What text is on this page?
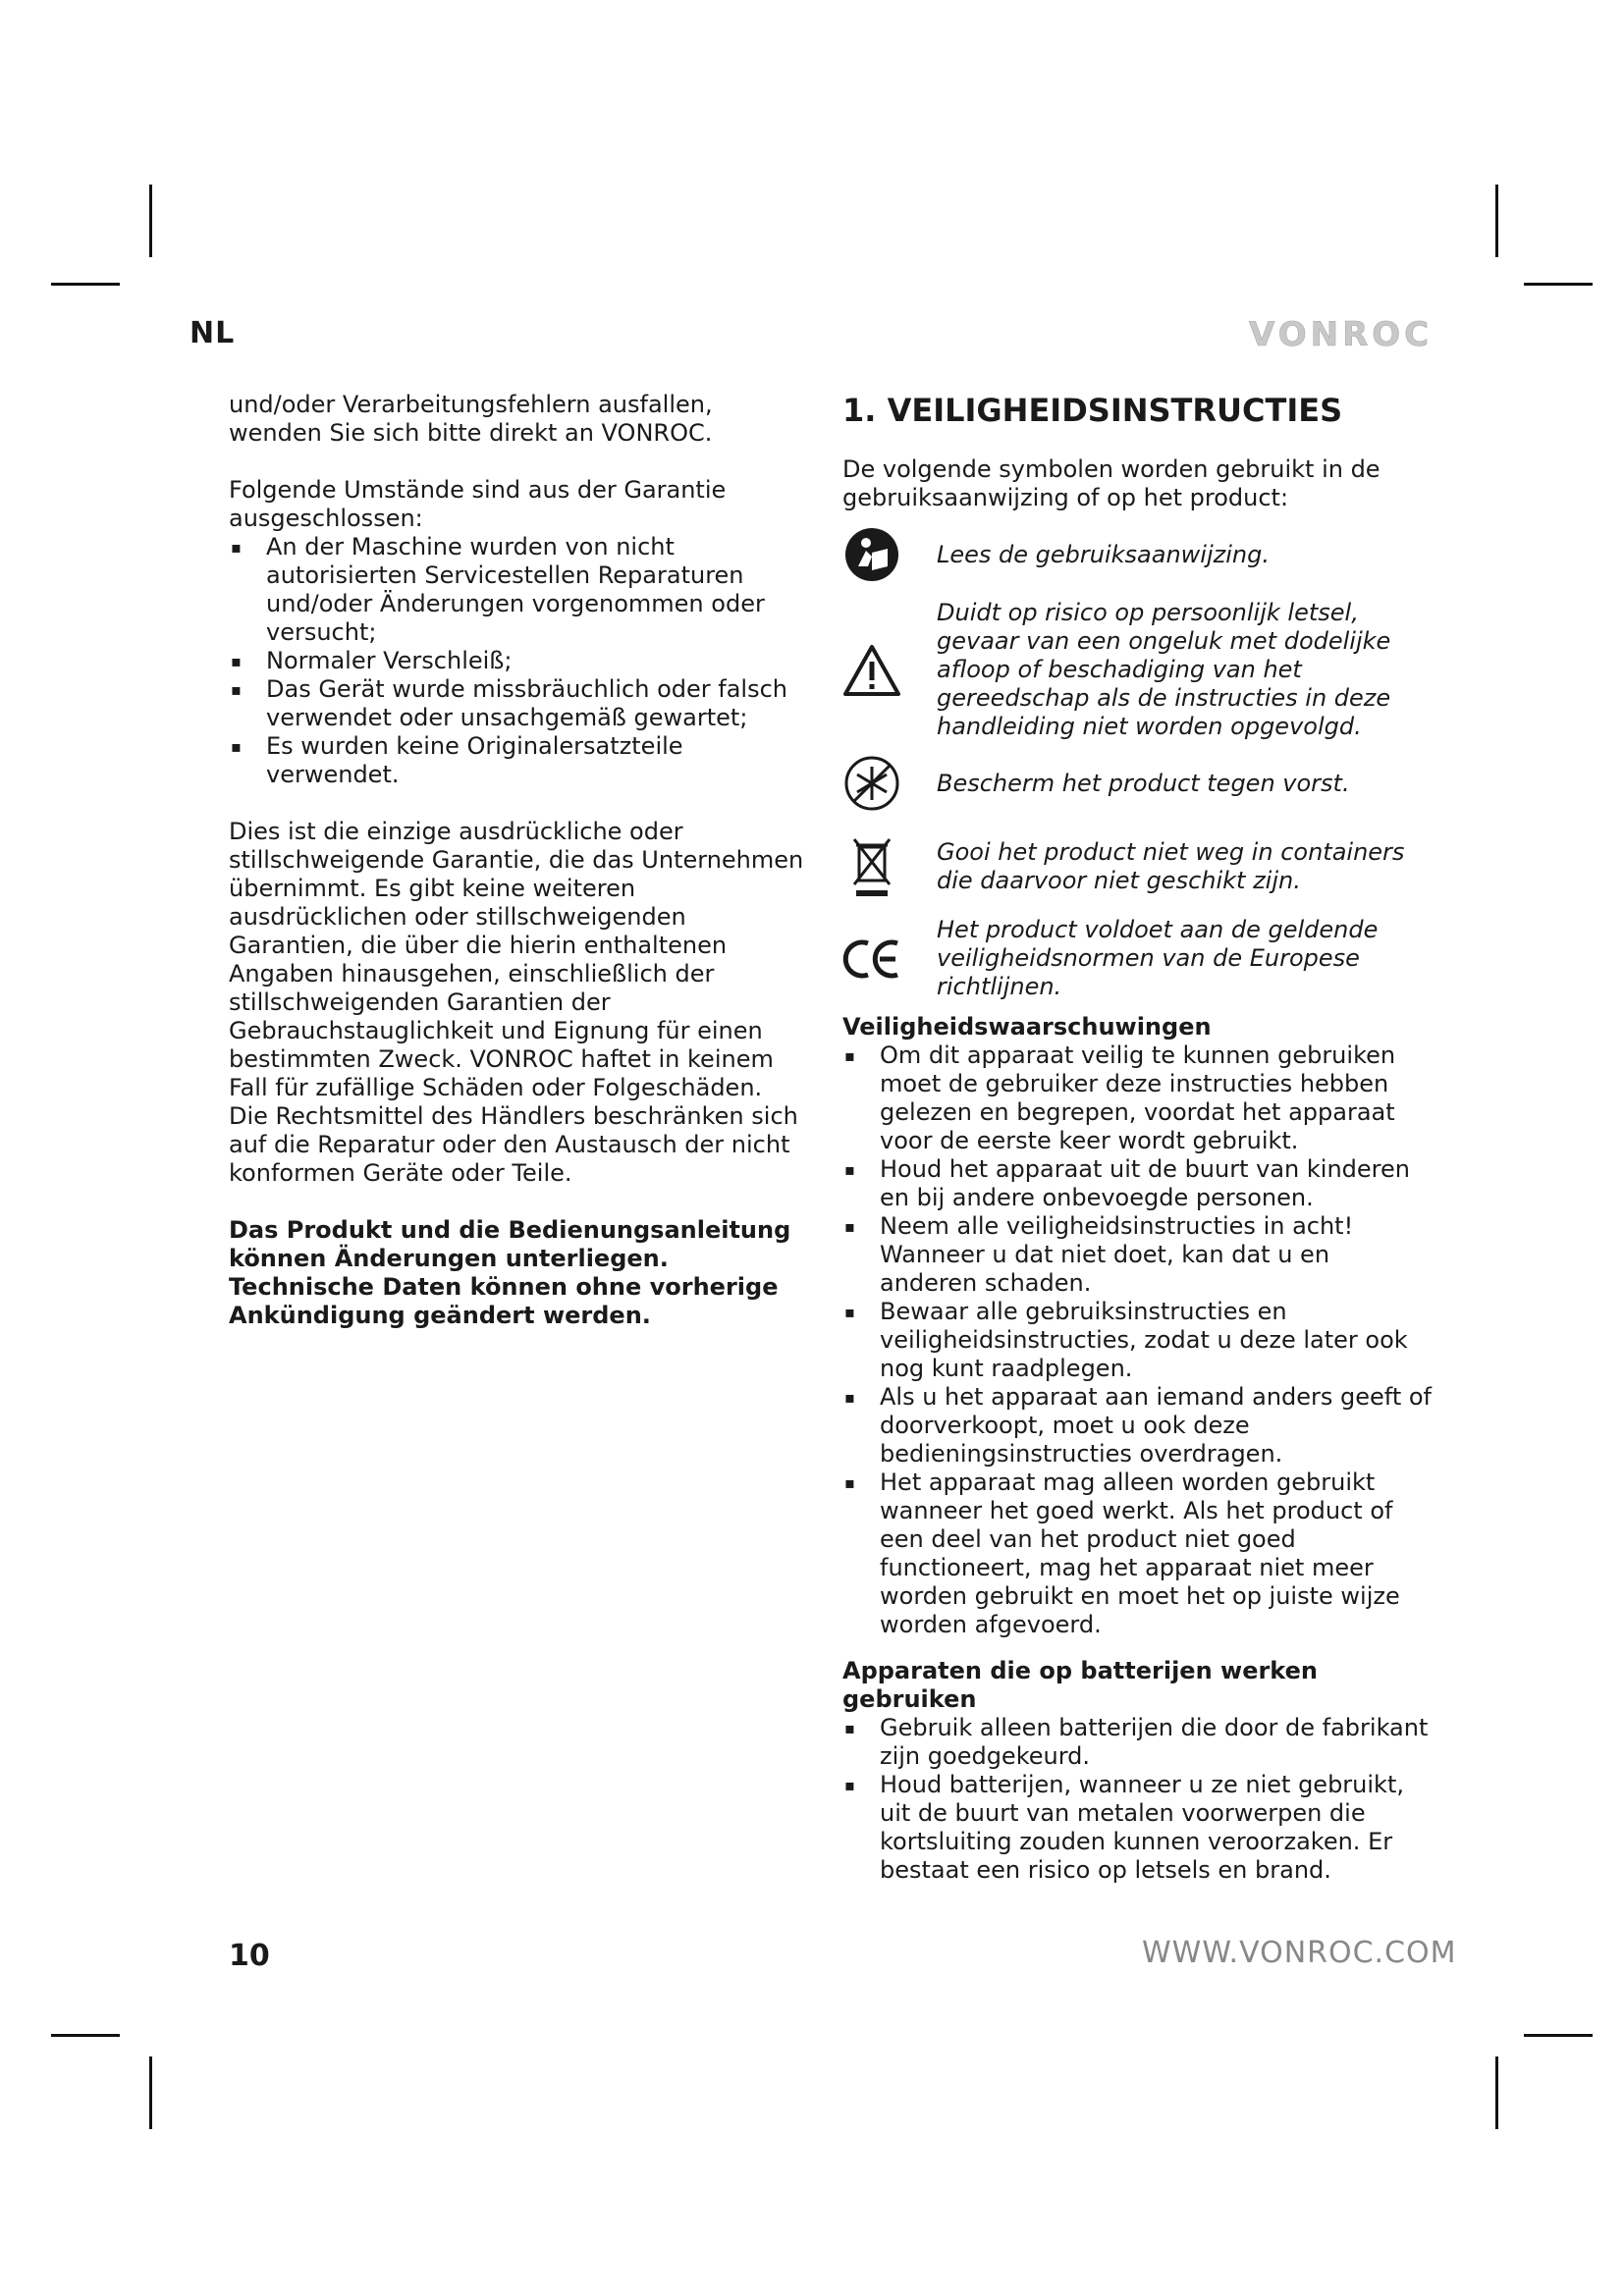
NL	VONROC

und/oder Verarbeitungsfehlern ausfallen, wenden Sie sich bitte direkt an VONROC.

Folgende Umstände sind aus der Garantie ausgeschlossen:

▪ An der Maschine wurden von nicht autorisierten Servicestellen Reparaturen und/oder Änderungen vorgenommen oder versucht;

▪ Normaler Verschleiß;

▪ Das Gerät wurde missbräuchlich oder falsch verwendet oder unsachgemäß gewartet;

▪ Es wurden keine Originalersatzteile verwendet.

Dies ist die einzige ausdrückliche oder stillschweigende Garantie, die das Unternehmen übernimmt. Es gibt keine weiteren ausdrücklichen oder stillschweigenden Garantien, die über die hierin enthaltenen Angaben hinausgehen, einschließlich der stillschweigenden Garantien der Gebrauchstauglichkeit und Eignung für einen bestimmten Zweck. VONROC haftet in keinem Fall für zufällige Schäden oder Folgeschäden. Die Rechtsmittel des Händlers beschränken sich auf die Reparatur oder den Austausch der nicht konformen Geräte oder Teile.

Das Produkt und die Bedienungsanleitung können Änderungen unterliegen. Technische Daten können ohne vorherige Ankündigung geändert werden.

1. VEILIGHEIDSINSTRUCTIES

De volgende symbolen worden gebruikt in de gebruiksaanwijzing of op het product:

Lees de gebruiksaanwijzing.

Duidt op risico op persoonlijk letsel, gevaar van een ongeluk met dodelijke afloop of beschadiging van het gereedschap als de instructies in deze handleiding niet worden opgevolgd.

Bescherm het product tegen vorst.

Gooi het product niet weg in containers die daarvoor niet geschikt zijn.

Het product voldoet aan de geldende veiligheidsnormen van de Europese richtlijnen.

Veiligheidswaarschuwingen

▪ Om dit apparaat veilig te kunnen gebruiken moet de gebruiker deze instructies hebben gelezen en begrepen, voordat het apparaat voor de eerste keer wordt gebruikt.

▪ Houd het apparaat uit de buurt van kinderen en bij andere onbevoegde personen.

▪ Neem alle veiligheidsinstructies in acht! Wanneer u dat niet doet, kan dat u en anderen schaden.

▪ Bewaar alle gebruiksinstructies en veiligheidsinstructies, zodat u deze later ook nog kunt raadplegen.

▪ Als u het apparaat aan iemand anders geeft of doorverkoopt, moet u ook deze bedieningsinstructies overdragen.

▪ Het apparaat mag alleen worden gebruikt wanneer het goed werkt. Als het product of een deel van het product niet goed functioneert, mag het apparaat niet meer worden gebruikt en moet het op juiste wijze worden afgevoerd.

Apparaten die op batterijen werken gebruiken

▪ Gebruik alleen batterijen die door de fabrikant zijn goedgekeurd.

▪ Houd batterijen, wanneer u ze niet gebruikt, uit de buurt van metalen voorwerpen die kortsluiting zouden kunnen veroorzaken. Er bestaat een risico op letsels en brand.

10	WWW.VONROC.COM
